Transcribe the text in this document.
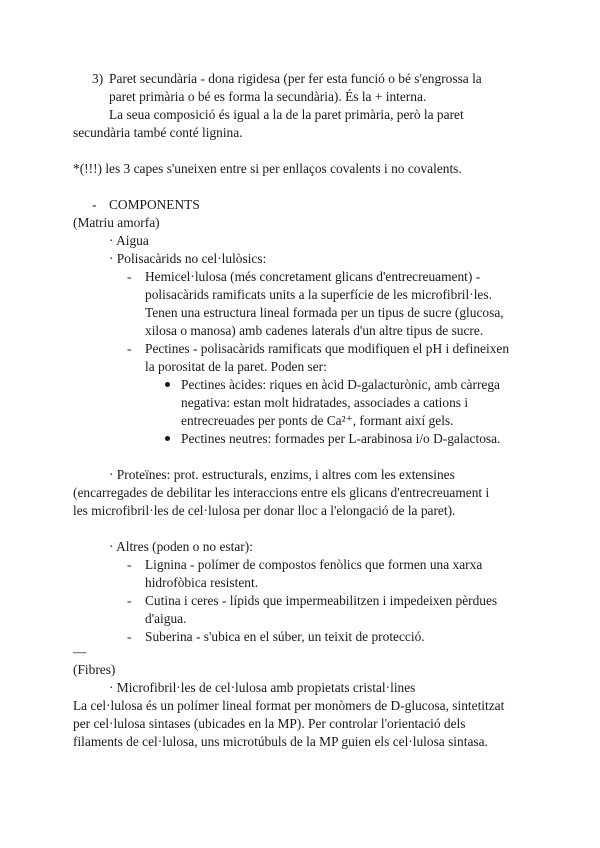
3) Paret secundària - dona rigidesa (per fer esta funció o bé s'engrossa la
paret primària o bé es forma la secundària). És la + interna.
La seua composició és igual a la de la paret primària, però la paret
secundària també conté lignina.
*(!!!) les 3 capes s'uneixen entre si per enllaços covalents i no covalents.
- COMPONENTS
(Matriu amorfa)
· Aigua
· Polisacàrids no cel·lulòsics:
- Hemicel·lulosa (més concretament glicans d'entrecreuament) -
polisacàrids ramificats units a la superfície de les microfibril·les.
Tenen una estructura lineal formada per un tipus de sucre (glucosa,
xilosa o manosa) amb cadenes laterals d'un altre tipus de sucre.
- Pectines - polisacàrids ramificats que modifiquen el pH i defineixen
la porositat de la paret. Poden ser:
Pectines àcides: riques en àcid D-galacturònic, amb càrrega
negativa: estan molt hidratades, associades a cations i
entrecreuades per ponts de Ca²⁺, formant així gels.
Pectines neutres: formades per L-arabinosa i/o D-galactosa.
· Proteïnes: prot. estructurals, enzims, i altres com les extensines
(encarregades de debilitar les interaccions entre els glicans d'entrecreuament i
les microfibril·les de cel·lulosa per donar lloc a l'elongació de la paret).
· Altres (poden o no estar):
- Lignina - polímer de compostos fenòlics que formen una xarxa
hidrofòbica resistent.
- Cutina i ceres - lípids que impermeabilitzen i impedeixen pèrdues
d'aigua.
- Suberina - s'ubica en el súber, un teixit de protecció.
—
(Fibres)
· Microfibril·les de cel·lulosa amb propietats cristal·lines
La cel·lulosa és un polímer lineal format per monòmers de D-glucosa, sintetitzat
per cel·lulosa sintases (ubicades en la MP). Per controlar l'orientació dels
filaments de cel·lulosa, uns microtúbuls de la MP guien els cel·lulosa sintasa.
